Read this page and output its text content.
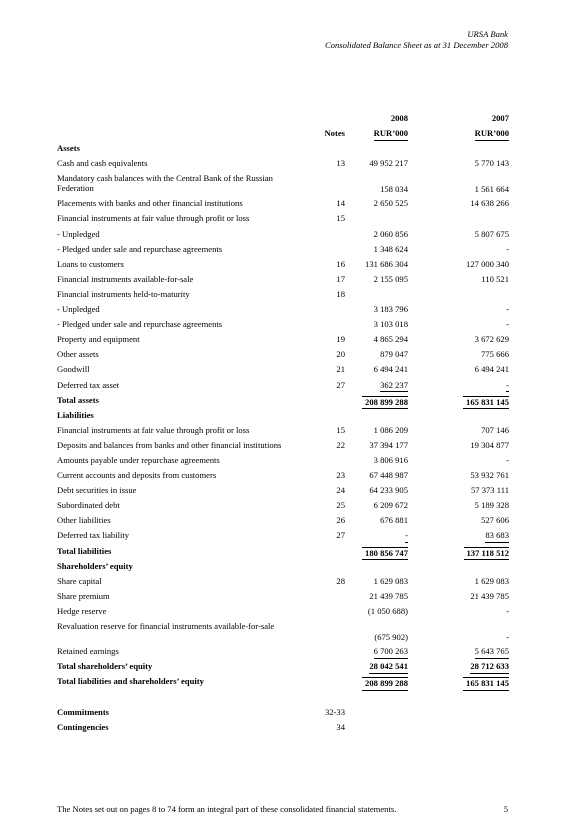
URSA Bank
Consolidated Balance Sheet as at 31 December 2008
2008	2007
Notes	RUR’000	RUR’000
Assets
Cash and cash equivalents	13	49 952 217	5 770 143
Mandatory cash balances with the Central Bank of the Russian Federation	158 034	1 561 664
Placements with banks and other financial institutions	14	2 650 525	14 638 266
Financial instruments at fair value through profit or loss	15
- Unpledged	2 060 856	5 807 675
- Pledged under sale and repurchase agreements	1 348 624	-
Loans to customers	16	131 686 304	127 000 340
Financial instruments available-for-sale	17	2 155 095	110 521
Financial instruments held-to-maturity	18
- Unpledged	3 183 796	-
- Pledged under sale and repurchase agreements	3 103 018	-
Property and equipment	19	4 865 294	3 672 629
Other assets	20	879 047	775 666
Goodwill	21	6 494 241	6 494 241
Deferred tax asset	27	362 237	-
Total assets	208 899 288	165 831 145
Liabilities
Financial instruments at fair value through profit or loss	15	1 086 209	707 146
Deposits and balances from banks and other financial institutions	22	37 394 177	19 304 877
Amounts payable under repurchase agreements	3 806 916	-
Current accounts and deposits from customers	23	67 448 987	53 932 761
Debt securities in issue	24	64 233 905	57 373 111
Subordinated debt	25	6 209 672	5 189 328
Other liabilities	26	676 881	527 606
Deferred tax liability	27	-	83 683
Total liabilities	180 856 747	137 118 512
Shareholders’ equity
Share capital	28	1 629 083	1 629 083
Share premium	21 439 785	21 439 785
Hedge reserve	(1 050 688)	-
Revaluation reserve for financial instruments available-for-sale
(675 902)	-
Retained earnings	6 700 263	5 643 765
Total shareholders’ equity	28 042 541	28 712 633
Total liabilities and shareholders’ equity	208 899 288	165 831 145
Commitments	32-33
Contingencies	34
The Notes set out on pages 8 to 74 form an integral part of these consolidated financial statements.	5
